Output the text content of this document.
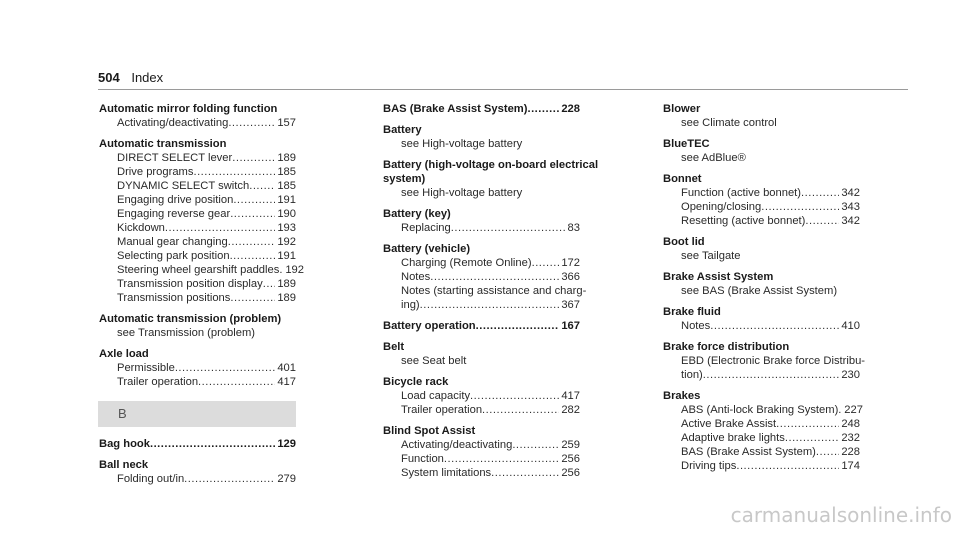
504 Index
Automatic mirror folding function
Activating/deactivating .....	157
Automatic transmission
DIRECT SELECT lever .....	189
Drive programs .....	185
DYNAMIC SELECT switch .....	185
Engaging drive position .....	191
Engaging reverse gear .....	190
Kickdown .....	193
Manual gear changing .....	192
Selecting park position .....	191
Steering wheel gearshift paddles ..... 192
Transmission position display ..... 189
Transmission positions .....	189
Automatic transmission (problem)
see Transmission (problem)
Axle load
Permissible .....	401
Trailer operation .....	417
B
Bag hook .....	129
Ball neck
Folding out/in .....	279
BAS (Brake Assist System) .....	228
Battery
see High-voltage battery
Battery (high-voltage on-board electrical
system)
see High-voltage battery
Battery (key)
Replacing .....	83
Battery (vehicle)
Charging (Remote Online) .....	172
Notes .....	366
Notes (starting assistance and charg-
ing) .....	367
Battery operation .....	167
Belt
see Seat belt
Bicycle rack
Load capacity .....	417
Trailer operation .....	282
Blind Spot Assist
Activating/deactivating .....	259
Function .....	256
System limitations .....	256
Blower
see Climate control
BlueTEC
see AdBlue®
Bonnet
Function (active bonnet) .....	342
Opening/closing .....	343
Resetting (active bonnet) .....	342
Boot lid
see Tailgate
Brake Assist System
see BAS (Brake Assist System)
Brake fluid
Notes .....	410
Brake force distribution
EBD (Electronic Brake force Distribu-
tion) .....	230
Brakes
ABS (Anti-lock Braking System) ..... 227
Active Brake Assist .....	248
Adaptive brake lights .....	232
BAS (Brake Assist System) ..... 228
Driving tips .....	174
carmanualsonline.info
